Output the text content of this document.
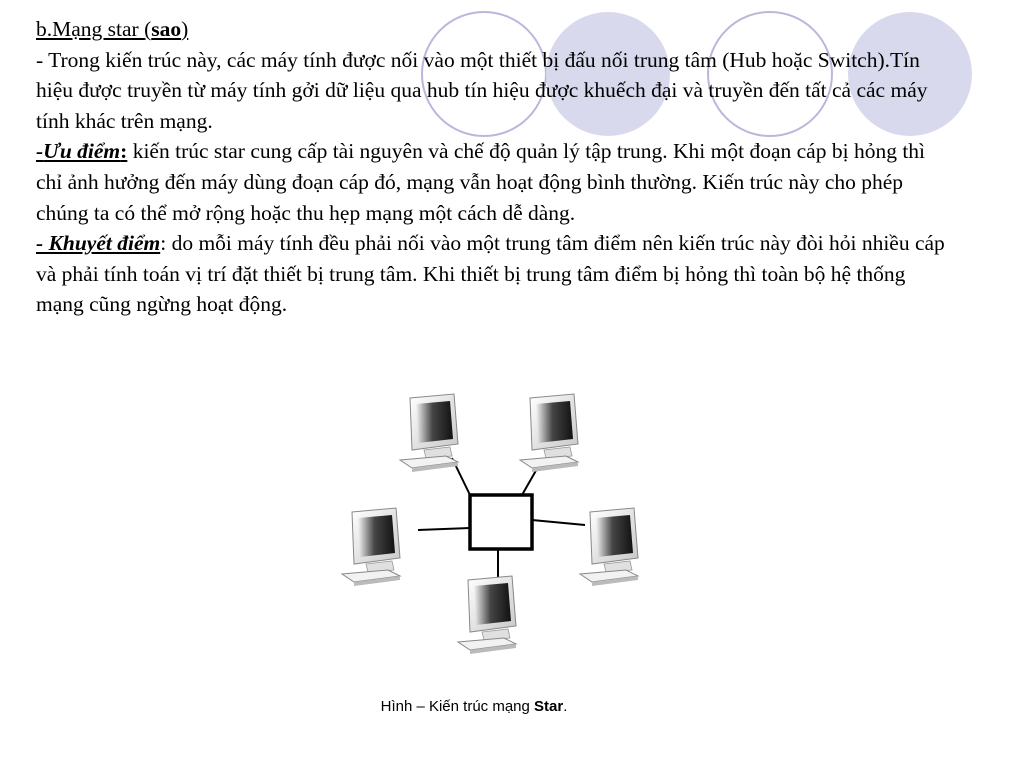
b.Mạng star (sao)

- Trong kiến trúc này, các máy tính được nối vào một thiết bị đấu nối trung tâm (Hub hoặc Switch).Tín hiệu được truyền từ máy tính gởi dữ liệu qua hub tín hiệu được khuếch đại và truyền đến tất cả các máy tính khác trên mạng.

-Ưu điểm: kiến trúc star cung cấp tài nguyên và chế độ quản lý tập trung. Khi một đoạn cáp bị hỏng thì chỉ ảnh hưởng đến máy dùng đoạn cáp đó, mạng vẫn hoạt động bình thường. Kiến trúc này cho phép chúng ta có thể mở rộng hoặc thu hẹp mạng một cách dễ dàng.

- Khuyết điểm: do mỗi máy tính đều phải nối vào một trung tâm điểm nên kiến trúc này đòi hỏi nhiều cáp và phải tính toán vị trí đặt thiết bị trung tâm. Khi thiết bị trung tâm điểm bị hỏng thì toàn bộ hệ thống mạng cũng ngừng hoạt động.

Hình – Kiến trúc mạng Star.
